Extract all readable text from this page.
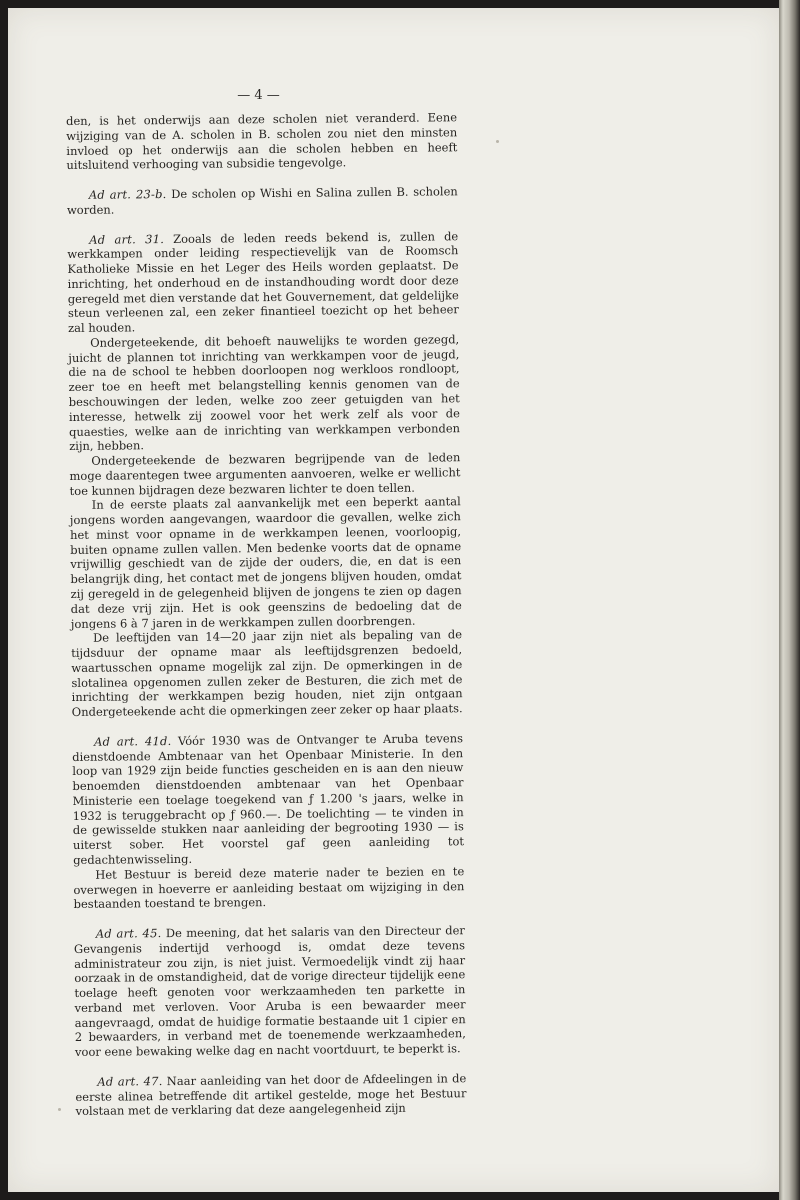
— 4 —

den, is het onderwijs aan deze scholen niet veranderd. Eene wijziging van de A. scholen in B. scholen zou niet den minsten invloed op het onderwijs aan die scholen hebben en heeft uitsluitend verhooging van subsidie tengevolge.

Ad art. 23-b. De scholen op Wishi en Salina zullen B. scholen worden.

Ad art. 31. Zooals de leden reeds bekend is, zullen de werkkampen onder leiding respectievelijk van de Roomsch Katholieke Missie en het Leger des Heils worden geplaatst. De inrichting, het onderhoud en de instandhouding wordt door deze geregeld met dien verstande dat het Gouvernement, dat geldelijke steun verleenen zal, een zeker finantieel toezicht op het beheer zal houden.

Ondergeteekende, dit behoeft nauwelijks te worden gezegd, juicht de plannen tot inrichting van werkkampen voor de jeugd, die na de school te hebben doorloopen nog werkloos rondloopt, zeer toe en heeft met belangstelling kennis genomen van de beschouwingen der leden, welke zoo zeer getuigden van het interesse, hetwelk zij zoowel voor het werk zelf als voor de quaesties, welke aan de inrichting van werkkampen verbonden zijn, hebben.

Ondergeteekende de bezwaren begrijpende van de leden moge daarentegen twee argumenten aanvoeren, welke er wellicht toe kunnen bijdragen deze bezwaren lichter te doen tellen.

In de eerste plaats zal aanvankelijk met een beperkt aantal jongens worden aangevangen, waardoor die gevallen, welke zich het minst voor opname in de werkkampen leenen, voorloopig, buiten opname zullen vallen. Men bedenke voorts dat de opname vrijwillig geschiedt van de zijde der ouders, die, en dat is een belangrijk ding, het contact met de jongens blijven houden, omdat zij geregeld in de gelegenheid blijven de jongens te zien op dagen dat deze vrij zijn. Het is ook geenszins de bedoeling dat de jongens 6 à 7 jaren in de werkkampen zullen doorbrengen.

De leeftijden van 14—20 jaar zijn niet als bepaling van de tijdsduur der opname maar als leeftijdsgrenzen bedoeld, waartusschen opname mogelijk zal zijn. De opmerkingen in de slotalinea opgenomen zullen zeker de Besturen, die zich met de inrichting der werkkampen bezig houden, niet zijn ontgaan Ondergeteekende acht die opmerkingen zeer zeker op haar plaats.

Ad art. 41d. Vóór 1930 was de Ontvanger te Aruba tevens dienstdoende Ambtenaar van het Openbaar Ministerie. In den loop van 1929 zijn beide functies gescheiden en is aan den nieuw benoemden dienstdoenden ambtenaar van het Openbaar Ministerie een toelage toegekend van ƒ 1.200 's jaars, welke in 1932 is teruggebracht op ƒ 960.—. De toelichting — te vinden in de gewisselde stukken naar aanleiding der begrooting 1930 — is uiterst sober. Het voorstel gaf geen aanleiding tot gedachtenwisseling.

Het Bestuur is bereid deze materie nader te bezien en te overwegen in hoeverre er aanleiding bestaat om wijziging in den bestaanden toestand te brengen.

Ad art. 45. De meening, dat het salaris van den Directeur der Gevangenis indertijd verhoogd is, omdat deze tevens administrateur zou zijn, is niet juist. Vermoedelijk vindt zij haar oorzaak in de omstandigheid, dat de vorige directeur tijdelijk eene toelage heeft genoten voor werkzaamheden ten parkette in verband met verloven. Voor Aruba is een bewaarder meer aangevraagd, omdat de huidige formatie bestaande uit 1 cipier en 2 bewaarders, in verband met de toenemende werkzaamheden, voor eene bewaking welke dag en nacht voortduurt, te beperkt is.

Ad art. 47. Naar aanleiding van het door de Afdeelingen in de eerste alinea betreffende dit artikel gestelde, moge het Bestuur volstaan met de verklaring dat deze aangelegenheid zijn
